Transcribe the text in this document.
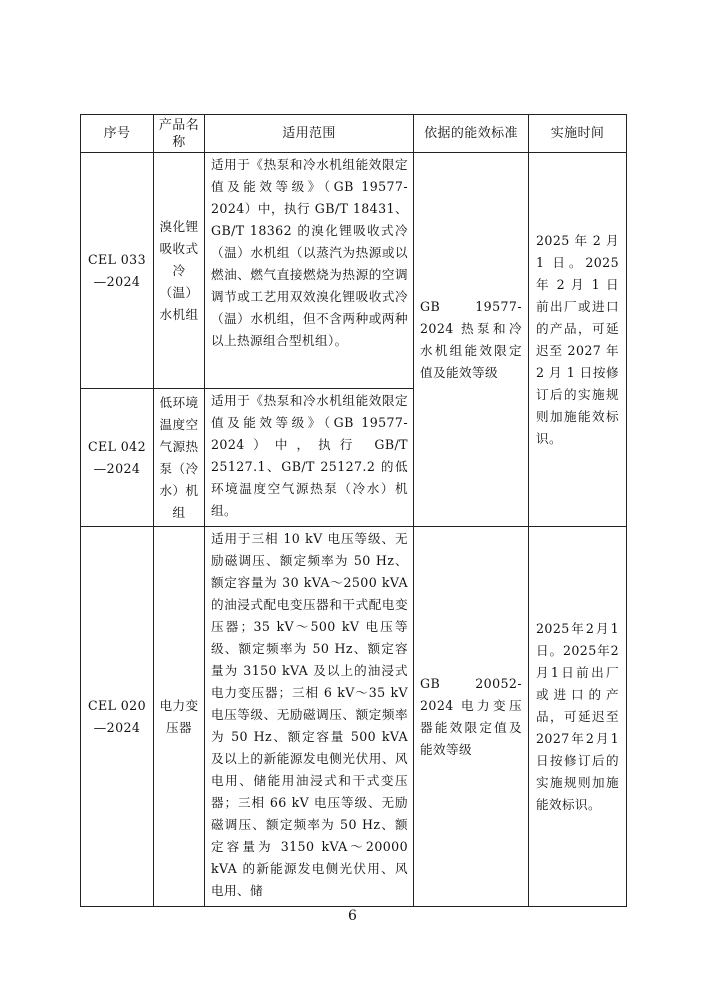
序号	产品名称	适用范围	依据的能效标准	实施时间
CEL 033—2024	溴化锂吸收式冷（温）水机组	适用于《热泵和冷水机组能效限定值及能效等级》（GB 19577-2024）中，执行 GB/T 18431、GB/T 18362 的溴化锂吸收式冷（温）水机组（以蒸汽为热源或以燃油、燃气直接燃烧为热源的空调调节或工艺用双效溴化锂吸收式冷（温）水机组，但不含两种或两种以上热源组合型机组）。	GB 19577-2024 热泵和冷水机组能效限定值及能效等级	2025 年 2 月 1 日。2025 年 2 月 1 日前出厂或进口的产品，可延迟至 2027 年 2 月 1 日按修订后的实施规则加施能效标识。
CEL 042—2024	低环境温度空气源热泵（冷水）机组	适用于《热泵和冷水机组能效限定值及能效等级》（GB 19577-2024）中，执行 GB/T 25127.1、GB/T 25127.2 的低环境温度空气源热泵（冷水）机组。		
CEL 020—2024	电力变压器	适用于三相 10 kV 电压等级、无励磁调压、额定频率为 50 Hz、额定容量为 30 kVA～2500 kVA 的油浸式配电变压器和干式配电变压器；35 kV～500 kV 电压等级、额定频率为 50 Hz、额定容量为 3150 kVA 及以上的油浸式电力变压器；三相 6 kV～35 kV 电压等级、无励磁调压、额定频率为 50 Hz、额定容量 500 kVA 及以上的新能源发电侧光伏用、风电用、储能用油浸式和干式变压器；三相 66 kV 电压等级、无励磁调压、额定频率为 50 Hz、额定容量为 3150 kVA～20000 kVA 的新能源发电侧光伏用、风电用、储	GB 20052-2024 电力变压器能效限定值及能效等级	2025年2月1日。2025年2月1日前出厂或进口的产品，可延迟至2027年2月1日按修订后的实施规则加施能效标识。
6
